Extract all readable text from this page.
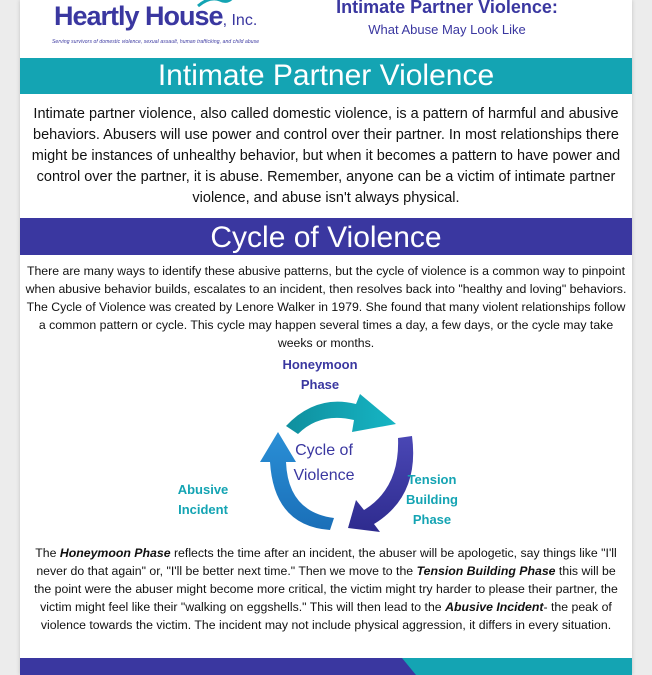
Heartly House, Inc.
Serving survivors of domestic violence, sexual assault, human trafficking, and child abuse
Intimate Partner Violence:
What Abuse May Look Like
Intimate Partner Violence
Intimate partner violence, also called domestic violence, is a pattern of harmful and abusive behaviors. Abusers will use power and control over their partner. In most relationships there might be instances of unhealthy behavior, but when it becomes a pattern to have power and control over the partner, it is abuse. Remember, anyone can be a victim of intimate partner violence, and abuse isn't always physical.
Cycle of Violence
There are many ways to identify these abusive patterns, but the cycle of violence is a common way to pinpoint when abusive behavior builds, escalates to an incident, then resolves back into "healthy and loving" behaviors. The Cycle of Violence was created by Lenore Walker in 1979. She found that many violent relationships follow a common pattern or cycle. This cycle may happen several times a day, a few days, or the cycle may take weeks or months.
Honeymoon
Phase
Tension
Building
Phase
Abusive
Incident
Cycle of
Violence
The Honeymoon Phase reflects the time after an incident, the abuser will be apologetic, say things like "I'll never do that again" or, "I'll be better next time." Then we move to the Tension Building Phase this will be the point were the abuser might become more critical, the victim might try harder to please their partner, the victim might feel like their "walking on eggshells." This will then lead to the Abusive Incident- the peak of violence towards the victim. The incident may not include physical aggression, it differs in every situation.
